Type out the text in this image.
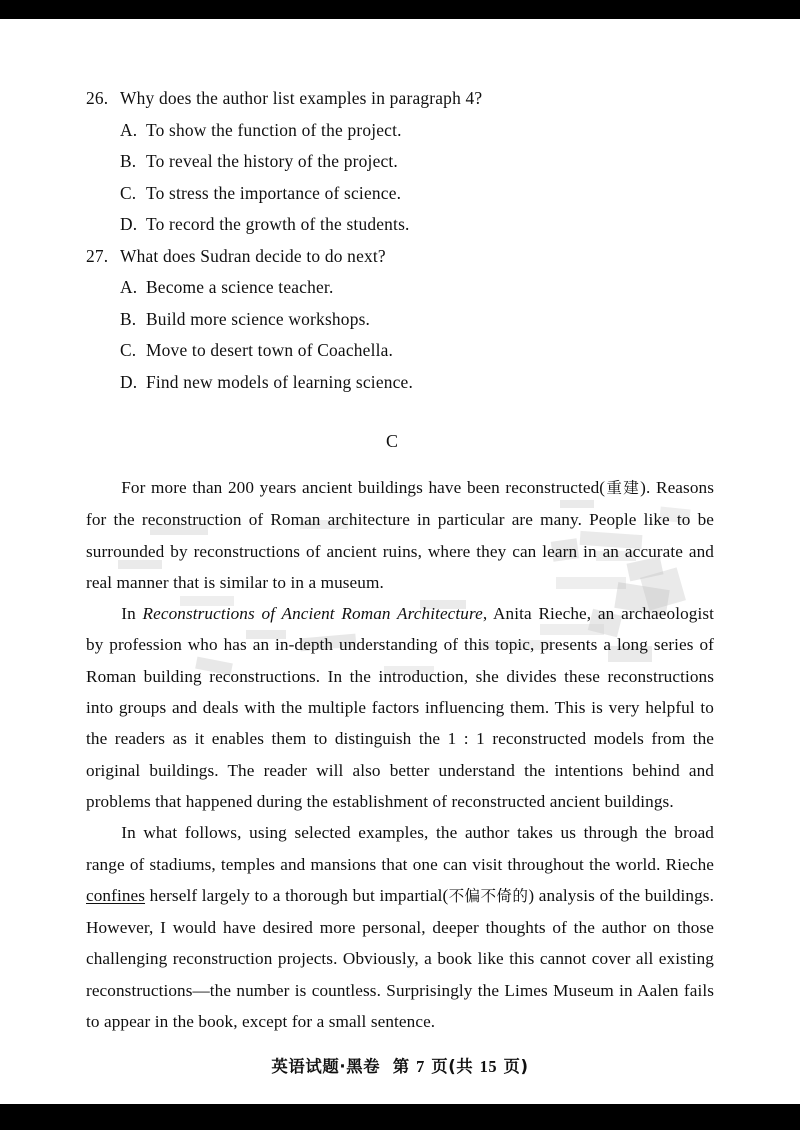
26. Why does the author list examples in paragraph 4?
A. To show the function of the project.
B. To reveal the history of the project.
C. To stress the importance of science.
D. To record the growth of the students.
27. What does Sudran decide to do next?
A. Become a science teacher.
B. Build more science workshops.
C. Move to desert town of Coachella.
D. Find new models of learning science.
C

For more than 200 years ancient buildings have been reconstructed(重建). Reasons for the reconstruction of Roman architecture in particular are many. People like to be surrounded by reconstructions of ancient ruins, where they can learn in an accurate and real manner that is similar to in a museum.

In Reconstructions of Ancient Roman Architecture, Anita Rieche, an archaeologist by profession who has an in-depth understanding of this topic, presents a long series of Roman building reconstructions. In the introduction, she divides these reconstructions into groups and deals with the multiple factors influencing them. This is very helpful to the readers as it enables them to distinguish the 1 : 1 reconstructed models from the original buildings. The reader will also better understand the intentions behind and problems that happened during the establishment of reconstructed ancient buildings.

In what follows, using selected examples, the author takes us through the broad range of stadiums, temples and mansions that one can visit throughout the world. Rieche confines herself largely to a thorough but impartial(不偏不倚的) analysis of the buildings. However, I would have desired more personal, deeper thoughts of the author on those challenging reconstruction projects. Obviously, a book like this cannot cover all existing reconstructions—the number is countless. Surprisingly the Limes Museum in Aalen fails to appear in the book, except for a small sentence.

英语试题·黑卷 第 7 页(共 15 页)
